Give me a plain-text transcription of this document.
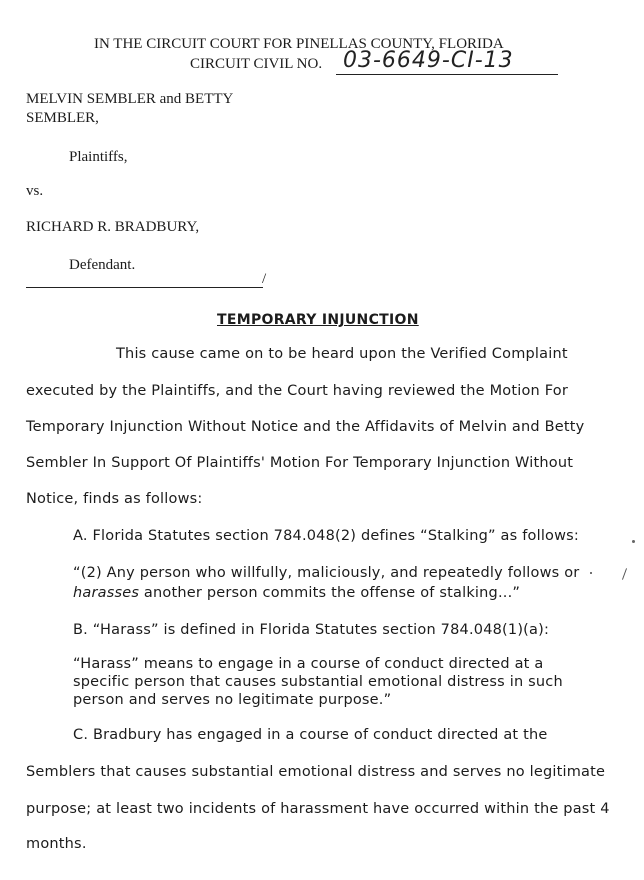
IN THE CIRCUIT COURT FOR PINELLAS COUNTY, FLORIDA
CIRCUIT CIVIL NO. 03-6649-CI-13
MELVIN SEMBLER and BETTY
SEMBLER,
Plaintiffs,
vs.
RICHARD R. BRADBURY,
Defendant.
/
TEMPORARY INJUNCTION
This cause came on to be heard upon the Verified Complaint
executed by the Plaintiffs, and the Court having reviewed the Motion For
Temporary Injunction Without Notice and the Affidavits of Melvin and Betty
Sembler In Support Of Plaintiffs' Motion For Temporary Injunction Without
Notice, finds as follows:
A. Florida Statutes section 784.048(2) defines “Stalking” as follows:
“(2) Any person who willfully, maliciously, and repeatedly follows or
harasses another person commits the offense of stalking...”
B. “Harass” is defined in Florida Statutes section 784.048(1)(a):
“Harass” means to engage in a course of conduct directed at a
specific person that causes substantial emotional distress in such
person and serves no legitimate purpose.”
C. Bradbury has engaged in a course of conduct directed at the
Semblers that causes substantial emotional distress and serves no legitimate
purpose; at least two incidents of harassment have occurred within the past 4
months.
